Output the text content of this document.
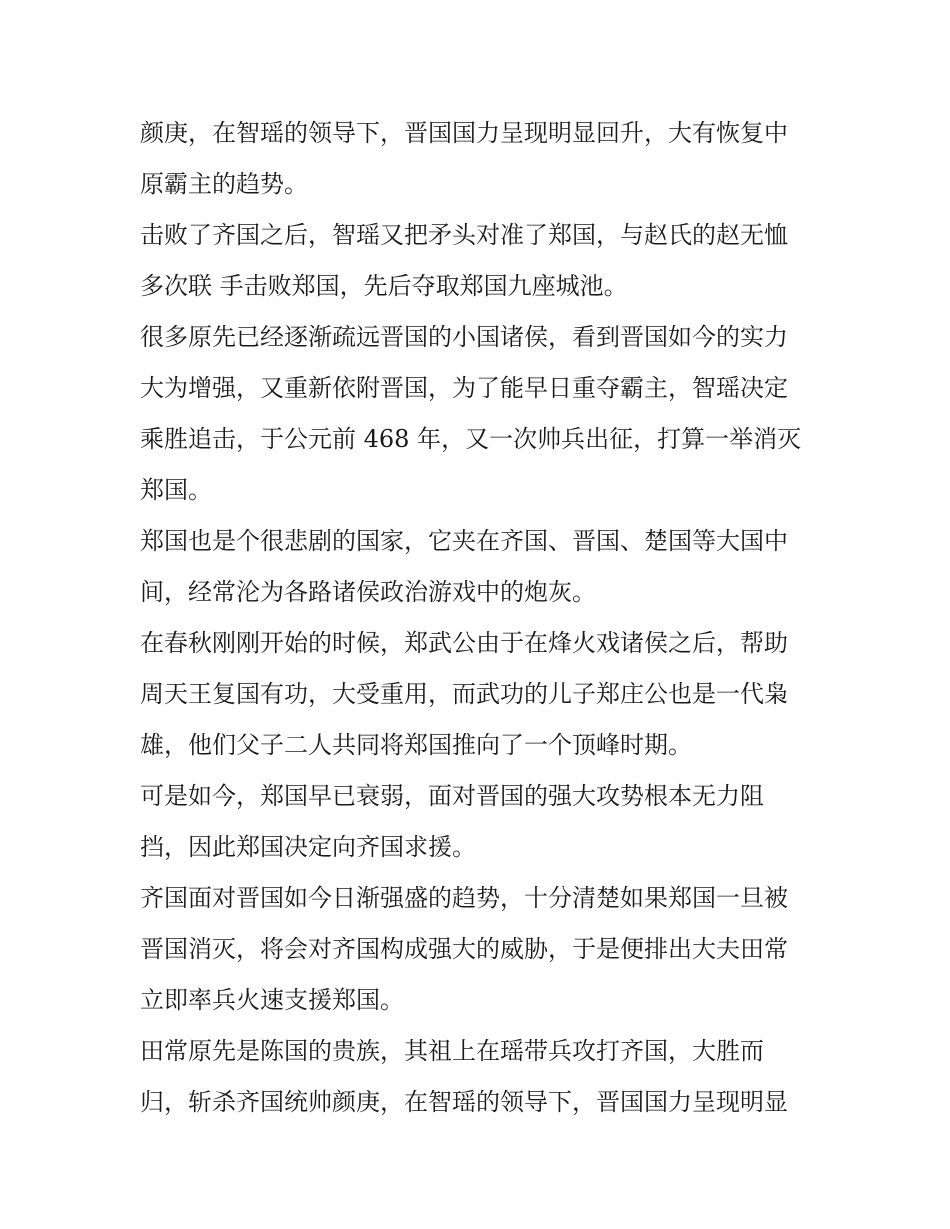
颜庚，在智瑶的领导下，晋国国力呈现明显回升，大有恢复中
原霸主的趋势。
击败了齐国之后，智瑶又把矛头对准了郑国，与赵氏的赵无恤
多次联 手击败郑国，先后夺取郑国九座城池。
很多原先已经逐渐疏远晋国的小国诸侯，看到晋国如今的实力
大为增强，又重新依附晋国，为了能早日重夺霸主，智瑶决定
乘胜追击，于公元前 468 年，又一次帅兵出征，打算一举消灭
郑国。
郑国也是个很悲剧的国家，它夹在齐国、晋国、楚国等大国中
间，经常沦为各路诸侯政治游戏中的炮灰。
在春秋刚刚开始的时候，郑武公由于在烽火戏诸侯之后，帮助
周天王复国有功，大受重用，而武功的儿子郑庄公也是一代枭
雄，他们父子二人共同将郑国推向了一个顶峰时期。
可是如今，郑国早已衰弱，面对晋国的强大攻势根本无力阻
挡，因此郑国决定向齐国求援。
齐国面对晋国如今日渐强盛的趋势，十分清楚如果郑国一旦被
晋国消灭，将会对齐国构成强大的威胁，于是便排出大夫田常
立即率兵火速支援郑国。
田常原先是陈国的贵族，其祖上在瑶带兵攻打齐国，大胜而
归，斩杀齐国统帅颜庚，在智瑶的领导下，晋国国力呈现明显
